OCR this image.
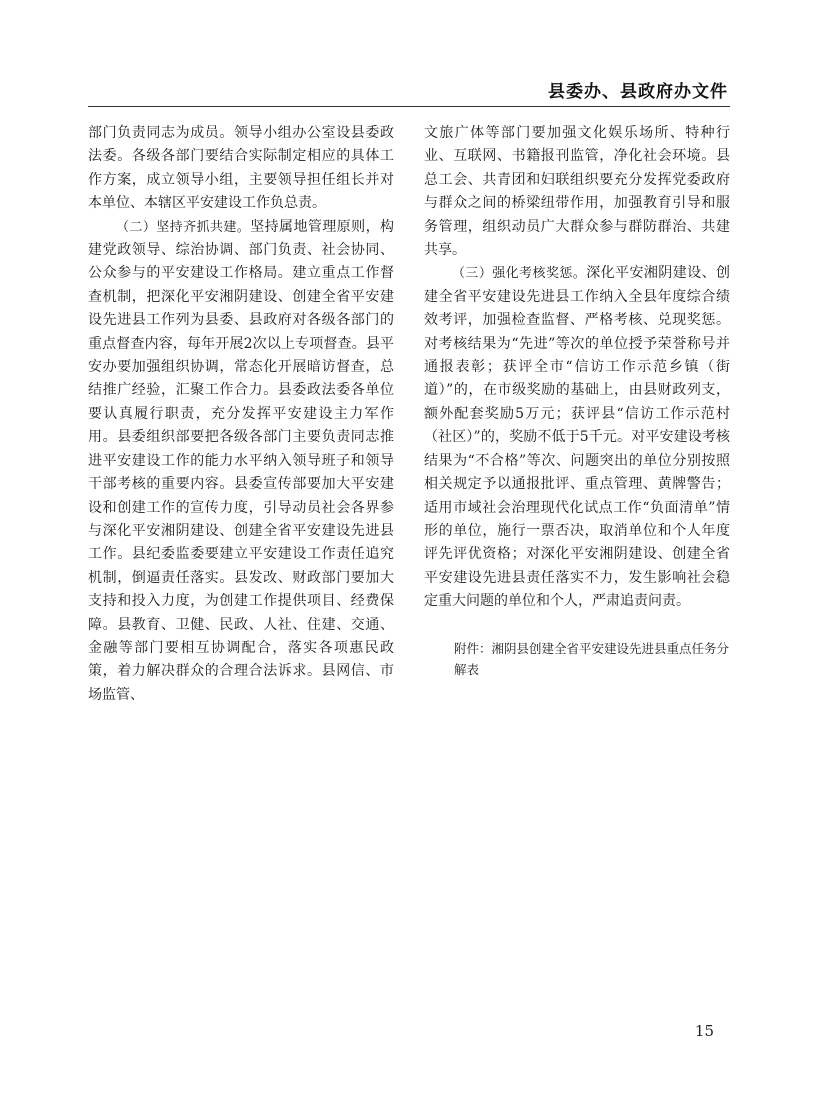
县委办、县政府办文件

部门负责同志为成员。领导小组办公室设县委政法委。各级各部门要结合实际制定相应的具体工作方案，成立领导小组，主要领导担任组长并对本单位、本辖区平安建设工作负总责。

（二）坚持齐抓共建。坚持属地管理原则，构建党政领导、综治协调、部门负责、社会协同、公众参与的平安建设工作格局。建立重点工作督查机制，把深化平安湘阴建设、创建全省平安建设先进县工作列为县委、县政府对各级各部门的重点督查内容，每年开展2次以上专项督查。县平安办要加强组织协调，常态化开展暗访督查，总结推广经验，汇聚工作合力。县委政法委各单位要认真履行职责，充分发挥平安建设主力军作用。县委组织部要把各级各部门主要负责同志推进平安建设工作的能力水平纳入领导班子和领导干部考核的重要内容。县委宣传部要加大平安建设和创建工作的宣传力度，引导动员社会各界参与深化平安湘阴建设、创建全省平安建设先进县工作。县纪委监委要建立平安建设工作责任追究机制，倒逼责任落实。县发改、财政部门要加大支持和投入力度，为创建工作提供项目、经费保障。县教育、卫健、民政、人社、住建、交通、金融等部门要相互协调配合，落实各项惠民政策，着力解决群众的合理合法诉求。县网信、市场监管、

文旅广体等部门要加强文化娱乐场所、特种行业、互联网、书籍报刊监管，净化社会环境。县总工会、共青团和妇联组织要充分发挥党委政府与群众之间的桥梁纽带作用，加强教育引导和服务管理，组织动员广大群众参与群防群治、共建共享。

（三）强化考核奖惩。深化平安湘阴建设、创建全省平安建设先进县工作纳入全县年度综合绩效考评，加强检查监督、严格考核、兑现奖惩。对考核结果为“先进”等次的单位授予荣誉称号并通报表彰；获评全市“信访工作示范乡镇（街道）”的，在市级奖励的基础上，由县财政列支，额外配套奖励5万元；获评县“信访工作示范村（社区）”的，奖励不低于5千元。对平安建设考核结果为“不合格”等次、问题突出的单位分别按照相关规定予以通报批评、重点管理、黄牌警告；适用市域社会治理现代化试点工作“负面清单”情形的单位，施行一票否决，取消单位和个人年度评先评优资格；对深化平安湘阴建设、创建全省平安建设先进县责任落实不力，发生影响社会稳定重大问题的单位和个人，严肃追责问责。

附件：湘阴县创建全省平安建设先进县重点任务分解表

15
